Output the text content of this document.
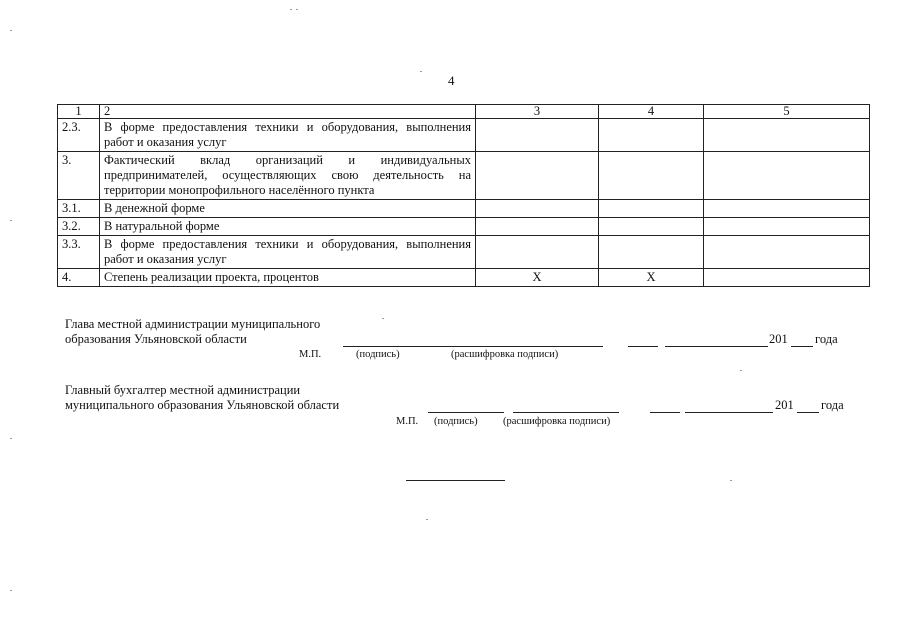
4
1	2	3	4	5
2.3.	В форме предоставления техники и оборудования, выполнения работ и оказания услуг			
3.	Фактический вклад организаций и индивидуальных предпринимателей, осуществляющих свою деятельность на территории монопрофильного населённого пункта			
3.1.	В денежной форме			
3.2.	В натуральной форме			
3.3.	В форме предоставления техники и оборудования, выполнения работ и оказания услуг			
4.	Степень реализации проекта, процентов	Х	Х	
Глава местной администрации муниципального
образования Ульяновской области	201 года
М.П.	(подпись)	(расшифровка подписи)
Главный бухгалтер местной администрации
муниципального образования Ульяновской области	201 года
М.П. (подпись) (расшифровка подписи)
